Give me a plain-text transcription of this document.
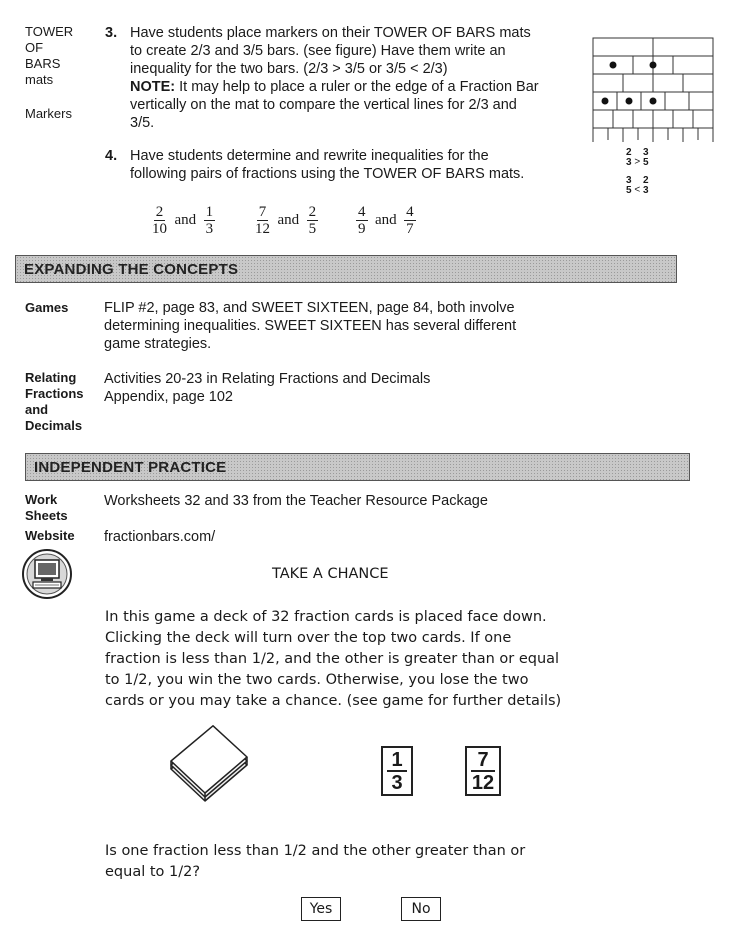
TOWER
OF
BARS
mats
Markers
3. Have students place markers on their TOWER OF BARS mats
to create 2/3 and 3/5 bars. (see figure) Have them write an
inequality for the two bars. (2/3 > 3/5 or 3/5 < 2/3)
NOTE: It may help to place a ruler or the edge of a Fraction Bar
vertically on the mat to compare the vertical lines for 2/3 and
3/5.
4. Have students determine and rewrite inequalities for the
following pairs of fractions using the TOWER OF BARS mats.
$\frac{2}{10}$ and $\frac{1}{3}$	$\frac{7}{12}$ and $\frac{2}{5}$	$\frac{4}{9}$ and $\frac{4}{7}$
2
3 >
3
5
3
5 <
2
3
EXPANDING THE CONCEPTS
Games FLIP #2, page 83, and SWEET SIXTEEN, page 84, both involve
determining inequalities. SWEET SIXTEEN has several different
game strategies.
Relating
Fractions
and
Decimals
Activities 20-23 in Relating Fractions and Decimals
Appendix, page 102
INDEPENDENT PRACTICE
Work
Sheets
Worksheets 32 and 33 from the Teacher Resource Package
Website fractionbars.com/
TAKE A CHANCE
In this game a deck of 32 fraction cards is placed face down.
Clicking the deck will turn over the top two cards. If one
fraction is less than 1/2, and the other is greater than or equal
to 1/2, you win the two cards. Otherwise, you lose the two
cards or you may take a chance. (see game for further details)
$\frac{1}{3}$	$\frac{7}{12}$
Is one fraction less than 1/2 and the other greater than or
equal to 1/2?
Yes	No
